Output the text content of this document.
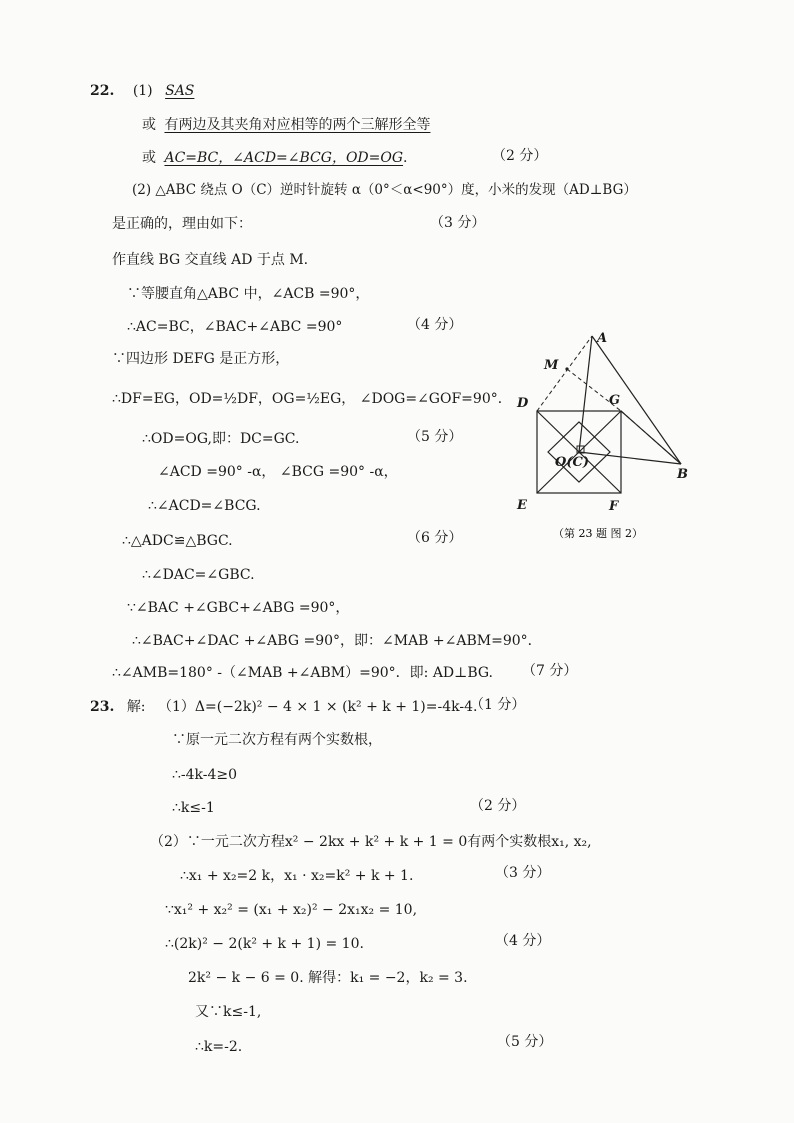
22. (1) SAS
或 有两边及其夹角对应相等的两个三解形全等
或 AC=BC，∠ACD=∠BCG，OD=OG.	（2 分）
(2) △ABC 绕点 O（C）逆时针旋转 α（0°＜α<90°）度，小米的发现（AD⊥BG）
是正确的，理由如下：	（3 分）
作直线 BG 交直线 AD 于点 M.
∵等腰直角△ABC 中，∠ACB =90°，
∴AC=BC，∠BAC+∠ABC =90°	（4 分）
∵四边形 DEFG 是正方形，
∴DF=EG，OD=½DF，OG=½EG， ∠DOG=∠GOF=90°．
∴OD=OG,即：DC=GC.	（5 分）
∠ACD =90° -α， ∠BCG =90° -α，
∴∠ACD=∠BCG.
∴△ADC≌△BGC.	（6 分）
∴∠DAC=∠GBC.
∵∠BAC +∠GBC+∠ABG =90°，
∴∠BAC+∠DAC +∠ABG =90°，即：∠MAB +∠ABM=90°．
∴∠AMB=180° -（∠MAB +∠ABM）=90°．即: AD⊥BG. （7 分）
A
M
D	G
O(C)
B
E	F
（第 23 题 图 2）
23. 解: （1）Δ=(−2k)² − 4 × 1 × (k² + k + 1)=-4k-4.
（1 分）
∵原一元二次方程有两个实数根，
∴-4k-4≥0
∴k≤-1	（2 分）
（2）∵一元二次方程x² − 2kx + k² + k + 1 = 0有两个实数根x₁, x₂,
∴x₁ + x₂=2 k，x₁ · x₂=k² + k + 1.	（3 分）
∵x₁² + x₂² = (x₁ + x₂)² − 2x₁x₂ = 10,
∴(2k)² − 2(k² + k + 1) = 10.	（4 分）
2k² − k − 6 = 0. 解得：k₁ = −2，k₂ = 3.
又∵k≤-1,
∴k=-2.	（5 分）
